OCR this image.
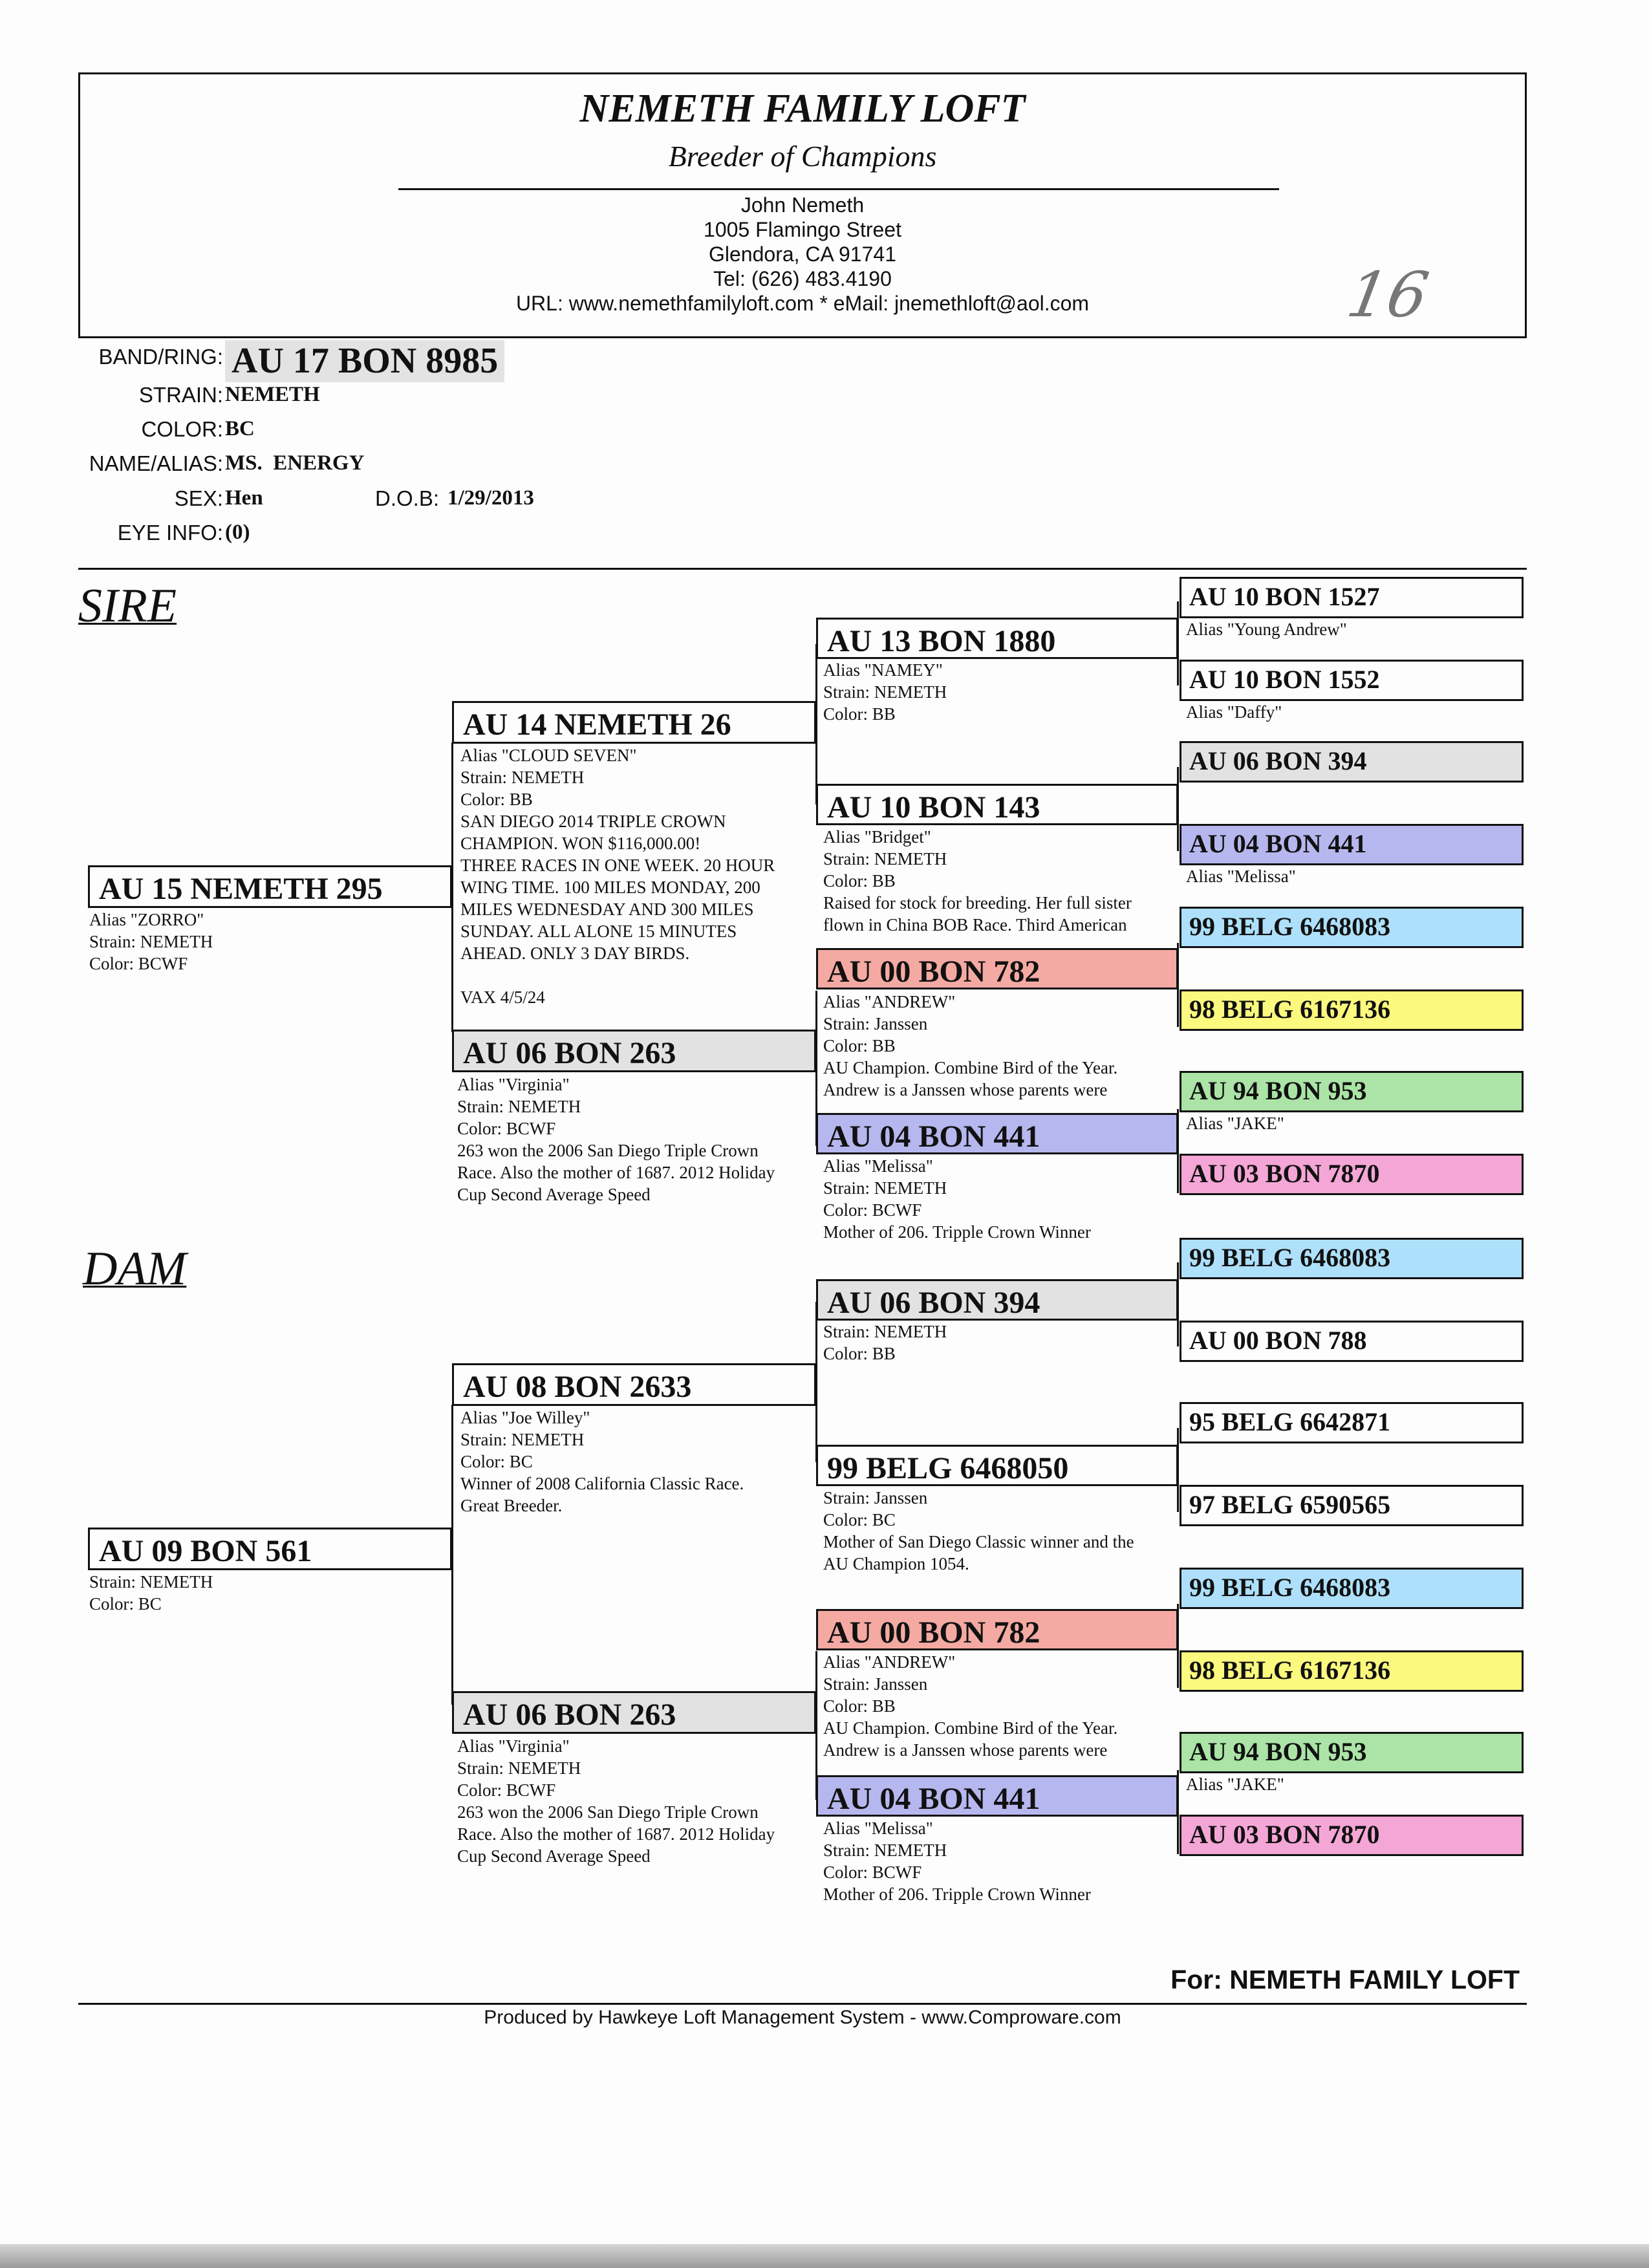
NEMETH FAMILY LOFT
Breeder of Champions
John Nemeth
1005 Flamingo Street
Glendora, CA 91741
Tel: (626) 483.4190
URL: www.nemethfamilyloft.com * eMail: jnemethloft@aol.com	16
BAND/RING: AU 17 BON 8985
STRAIN: NEMETH
COLOR: BC
NAME/ALIAS: MS.  ENERGY
SEX: Hen	D.O.B: 1/29/2013
EYE INFO: (0)
SIRE
DAM
AU 15 NEMETH 295
Alias "ZORRO"
Strain: NEMETH
Color: BCWF
AU 09 BON 561
Strain: NEMETH
Color: BC
AU 14 NEMETH 26
Alias "CLOUD SEVEN"
Strain: NEMETH
Color: BB
SAN DIEGO 2014 TRIPLE CROWN
CHAMPION. WON $116,000.00!
THREE RACES IN ONE WEEK. 20 HOUR
WING TIME. 100 MILES MONDAY, 200
MILES WEDNESDAY AND 300 MILES
SUNDAY. ALL ALONE 15 MINUTES
AHEAD. ONLY 3 DAY BIRDS.
VAX 4/5/24
AU 06 BON 263
Alias "Virginia"
Strain: NEMETH
Color: BCWF
263 won the 2006 San Diego Triple Crown
Race. Also the mother of 1687. 2012 Holiday
Cup Second Average Speed
AU 08 BON 2633
Alias "Joe Willey"
Strain: NEMETH
Color: BC
Winner of 2008 California Classic Race.
Great Breeder.
AU 06 BON 263
Alias "Virginia"
Strain: NEMETH
Color: BCWF
263 won the 2006 San Diego Triple Crown
Race. Also the mother of 1687. 2012 Holiday
Cup Second Average Speed
AU 13 BON 1880
Alias "NAMEY"
Strain: NEMETH
Color: BB
AU 10 BON 143
Alias "Bridget"
Strain: NEMETH
Color: BB
Raised for stock for breeding. Her full sister
flown in China BOB Race. Third American
AU 00 BON 782
Alias "ANDREW"
Strain: Janssen
Color: BB
AU Champion. Combine Bird of the Year.
Andrew is a Janssen whose parents were
AU 04 BON 441
Alias "Melissa"
Strain: NEMETH
Color: BCWF
Mother of 206. Tripple Crown Winner
AU 06 BON 394
Strain: NEMETH
Color: BB
99 BELG 6468050
Strain: Janssen
Color: BC
Mother of San Diego Classic winner and the
AU Champion 1054.
AU 00 BON 782
Alias "ANDREW"
Strain: Janssen
Color: BB
AU Champion. Combine Bird of the Year.
Andrew is a Janssen whose parents were
AU 04 BON 441
Alias "Melissa"
Strain: NEMETH
Color: BCWF
Mother of 206. Tripple Crown Winner
AU 10 BON 1527
Alias "Young Andrew"
AU 10 BON 1552
Alias "Daffy"
AU 06 BON 394
AU 04 BON 441
Alias "Melissa"
99 BELG 6468083
98 BELG 6167136
AU 94 BON 953
Alias "JAKE"
AU 03 BON 7870
99 BELG 6468083
AU 00 BON 788
95 BELG 6642871
97 BELG 6590565
99 BELG 6468083
98 BELG 6167136
AU 94 BON 953
Alias "JAKE"
AU 03 BON 7870
For: NEMETH FAMILY LOFT
Produced by Hawkeye Loft Management System - www.Comproware.com
